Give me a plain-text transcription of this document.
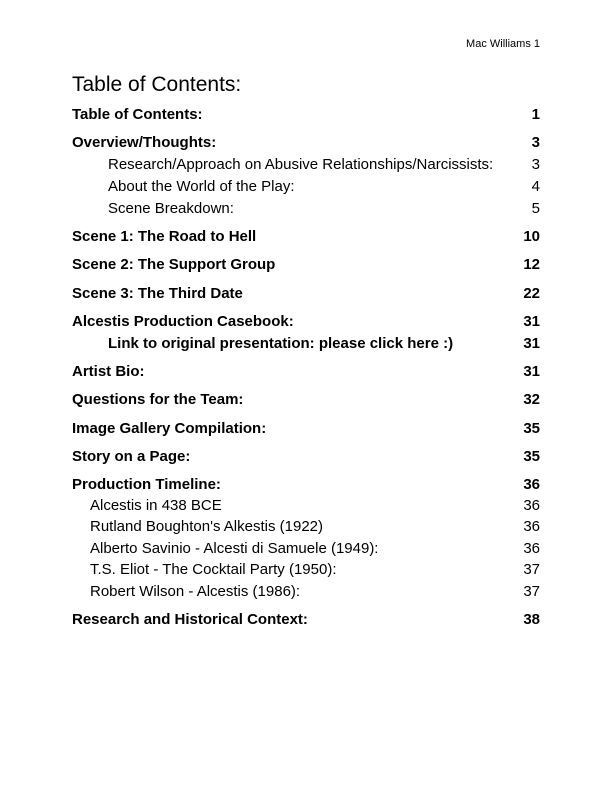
Mac Williams 1
Table of Contents:
Table of Contents:	1
Overview/Thoughts:	3
Research/Approach on Abusive Relationships/Narcissists:	3
About the World of the Play:	4
Scene Breakdown:	5
Scene 1: The Road to Hell	10
Scene 2: The Support Group	12
Scene 3: The Third Date	22
Alcestis Production Casebook:	31
Link to original presentation: please click here :)	31
Artist Bio:	31
Questions for the Team:	32
Image Gallery Compilation:	35
Story on a Page:	35
Production Timeline:	36
Alcestis in 438 BCE	36
Rutland Boughton's Alkestis (1922)	36
Alberto Savinio - Alcesti di Samuele (1949):	36
T.S. Eliot - The Cocktail Party (1950):	37
Robert Wilson - Alcestis (1986):	37
Research and Historical Context:	38
